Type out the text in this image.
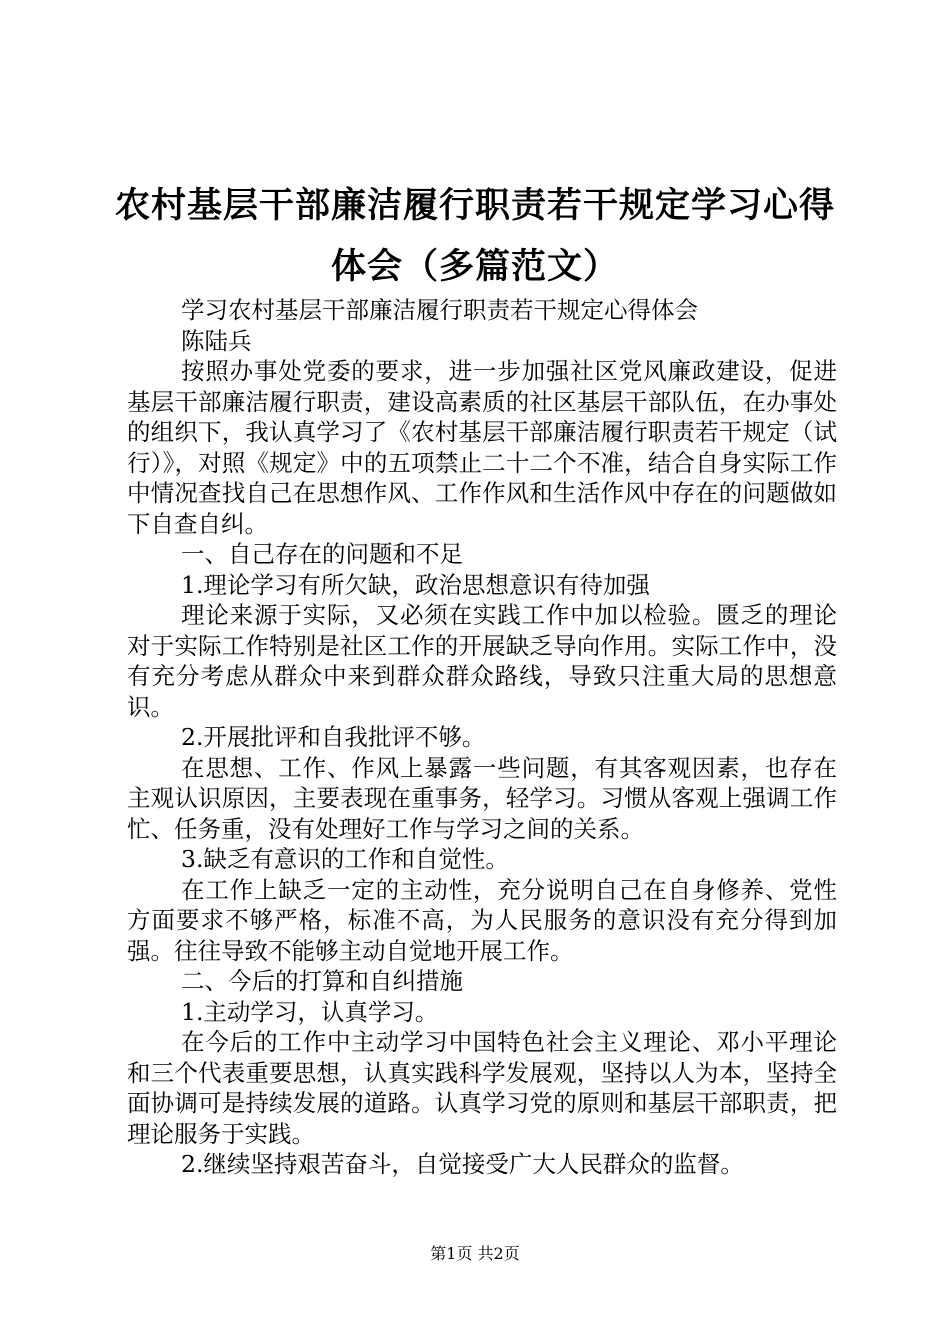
农村基层干部廉洁履行职责若干规定学习心得
体会（多篇范文）

学习农村基层干部廉洁履行职责若干规定心得体会

陈陆兵

按照办事处党委的要求，进一步加强社区党风廉政建设，促进基层干部廉洁履行职责，建设高素质的社区基层干部队伍，在办事处的组织下，我认真学习了《农村基层干部廉洁履行职责若干规定（试行）》，对照《规定》中的五项禁止二十二个不准，结合自身实际工作中情况查找自己在思想作风、工作作风和生活作风中存在的问题做如下自查自纠。

一、自己存在的问题和不足

1.理论学习有所欠缺，政治思想意识有待加强

理论来源于实际，又必须在实践工作中加以检验。匮乏的理论对于实际工作特别是社区工作的开展缺乏导向作用。实际工作中，没有充分考虑从群众中来到群众群众路线，导致只注重大局的思想意识。

2.开展批评和自我批评不够。

在思想、工作、作风上暴露一些问题，有其客观因素，也存在主观认识原因，主要表现在重事务，轻学习。习惯从客观上强调工作忙、任务重，没有处理好工作与学习之间的关系。

3.缺乏有意识的工作和自觉性。

在工作上缺乏一定的主动性，充分说明自己在自身修养、党性方面要求不够严格，标准不高，为人民服务的意识没有充分得到加强。往往导致不能够主动自觉地开展工作。

二、今后的打算和自纠措施

1.主动学习，认真学习。

在今后的工作中主动学习中国特色社会主义理论、邓小平理论和三个代表重要思想，认真实践科学发展观，坚持以人为本，坚持全面协调可是持续发展的道路。认真学习党的原则和基层干部职责，把理论服务于实践。

2.继续坚持艰苦奋斗，自觉接受广大人民群众的监督。

第1页 共2页
